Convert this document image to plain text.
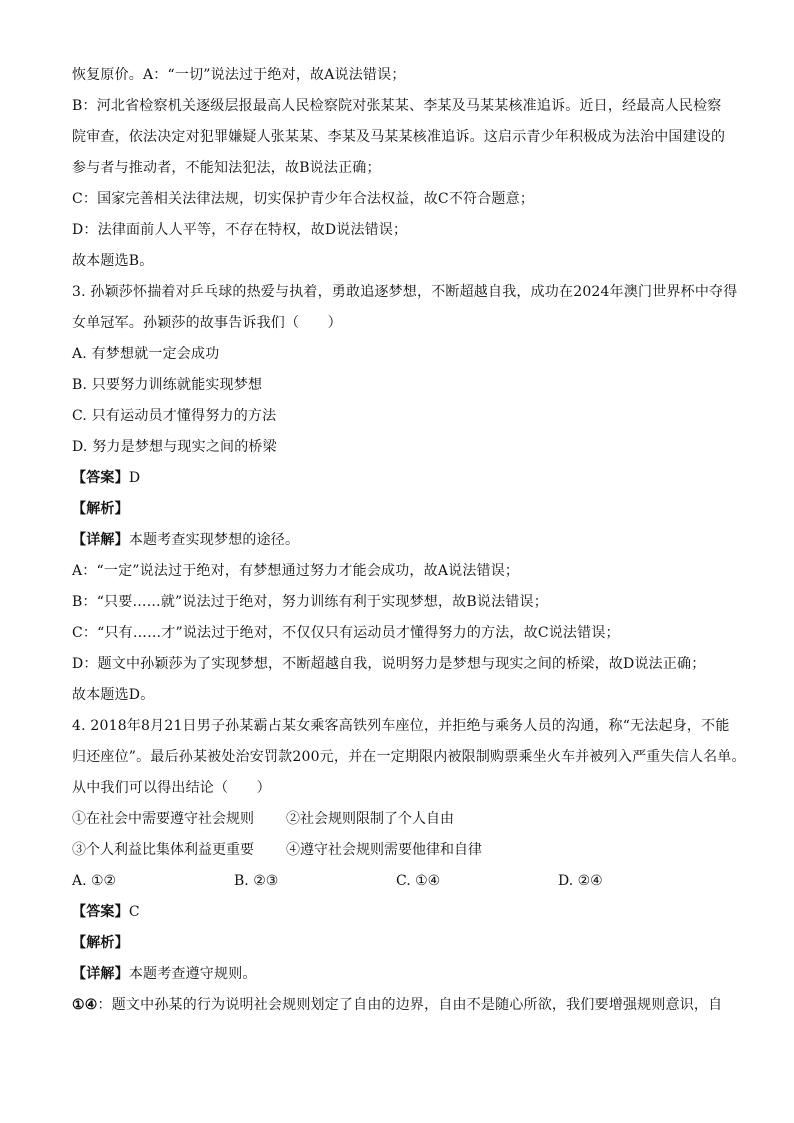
恢复原价。A：“一切”说法过于绝对，故A说法错误；
B：河北省检察机关逐级层报最高人民检察院对张某某、李某及马某某核准追诉。近日，经最高人民检察
院审查，依法决定对犯罪嫌疑人张某某、李某及马某某核准追诉。这启示青少年积极成为法治中国建设的
参与者与推动者，不能知法犯法，故B说法正确；
C：国家完善相关法律法规，切实保护青少年合法权益，故C不符合题意；
D：法律面前人人平等，不存在特权，故D说法错误；
故本题选B。
3. 孙颖莎怀揣着对乒乓球的热爱与执着，勇敢追逐梦想，不断超越自我，成功在2024年澳门世界杯中夺得
女单冠军。孙颖莎的故事告诉我们（　　）
A. 有梦想就一定会成功
B. 只要努力训练就能实现梦想
C. 只有运动员才懂得努力的方法
D. 努力是梦想与现实之间的桥梁
【答案】D
【解析】
【详解】本题考查实现梦想的途径。
A：“一定”说法过于绝对，有梦想通过努力才能会成功，故A说法错误；
B：“只要……就”说法过于绝对，努力训练有利于实现梦想，故B说法错误；
C：“只有……才”说法过于绝对，不仅仅只有运动员才懂得努力的方法，故C说法错误；
D：题文中孙颖莎为了实现梦想，不断超越自我，说明努力是梦想与现实之间的桥梁，故D说法正确；
故本题选D。
4. 2018年8月21日男子孙某霸占某女乘客高铁列车座位，并拒绝与乘务人员的沟通，称“无法起身，不能
归还座位”。最后孙某被处治安罚款200元，并在一定期限内被限制购票乘坐火车并被列入严重失信人名单。
从中我们可以得出结论（　　）
①在社会中需要遵守社会规则	②社会规则限制了个人自由
③个人利益比集体利益更重要	④遵守社会规则需要他律和自律
A. ①②	B. ②③	C. ①④	D. ②④
【答案】C
【解析】
【详解】本题考查遵守规则。
①④：题文中孙某的行为说明社会规则划定了自由的边界，自由不是随心所欲，我们要增强规则意识，自
